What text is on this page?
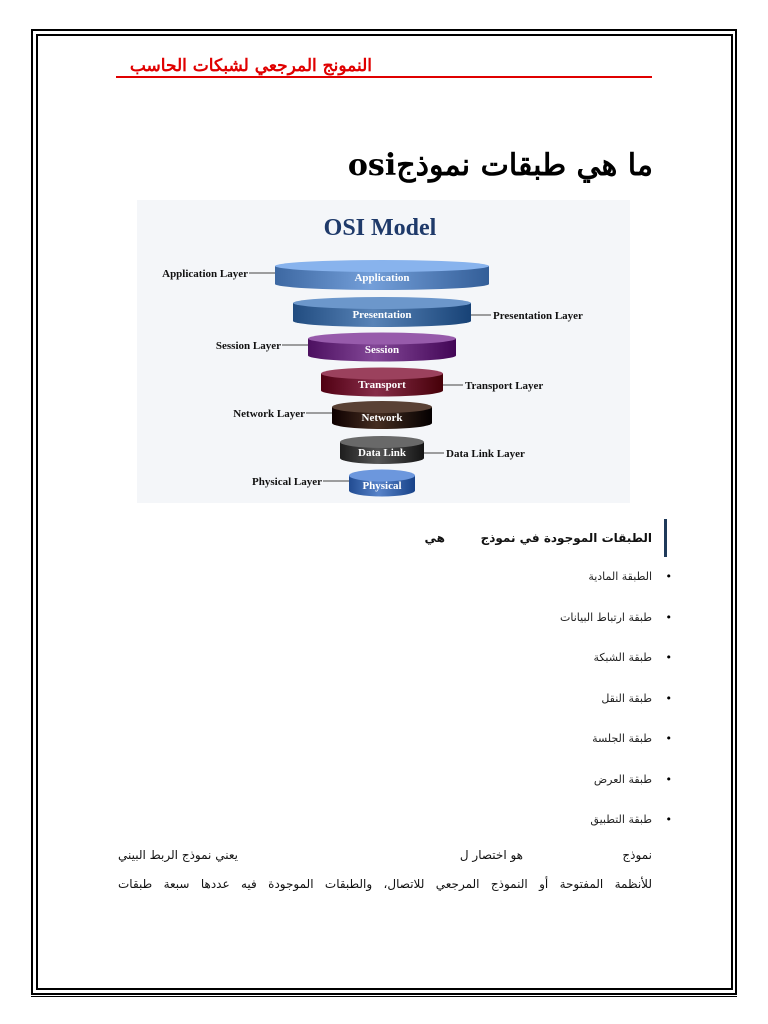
النمونج المرجعي لشبكات الحاسب
ما هي طبقات نموذجosi
OSI Model
Application
Presentation
Session
Transport
Network
Data Link
Physical
Application Layer
Session Layer
Network Layer
Physical Layer
Presentation Layer
Transport Layer
Data Link Layer
الطبقات الموجودة في نموذج
هي
•
الطبقة المادية
•
طبقة ارتباط البيانات
•
طبقة الشبكة
•
طبقة النقل
•
طبقة الجلسة
•
طبقة العرض
•
طبقة التطبيق
نموذج
هو اختصار ل
يعني نموذج الربط البيني
للأنظمة المفتوحة أو النموذج المرجعي للاتصال، والطبقات الموجودة فيه عددها سبعة طبقات
